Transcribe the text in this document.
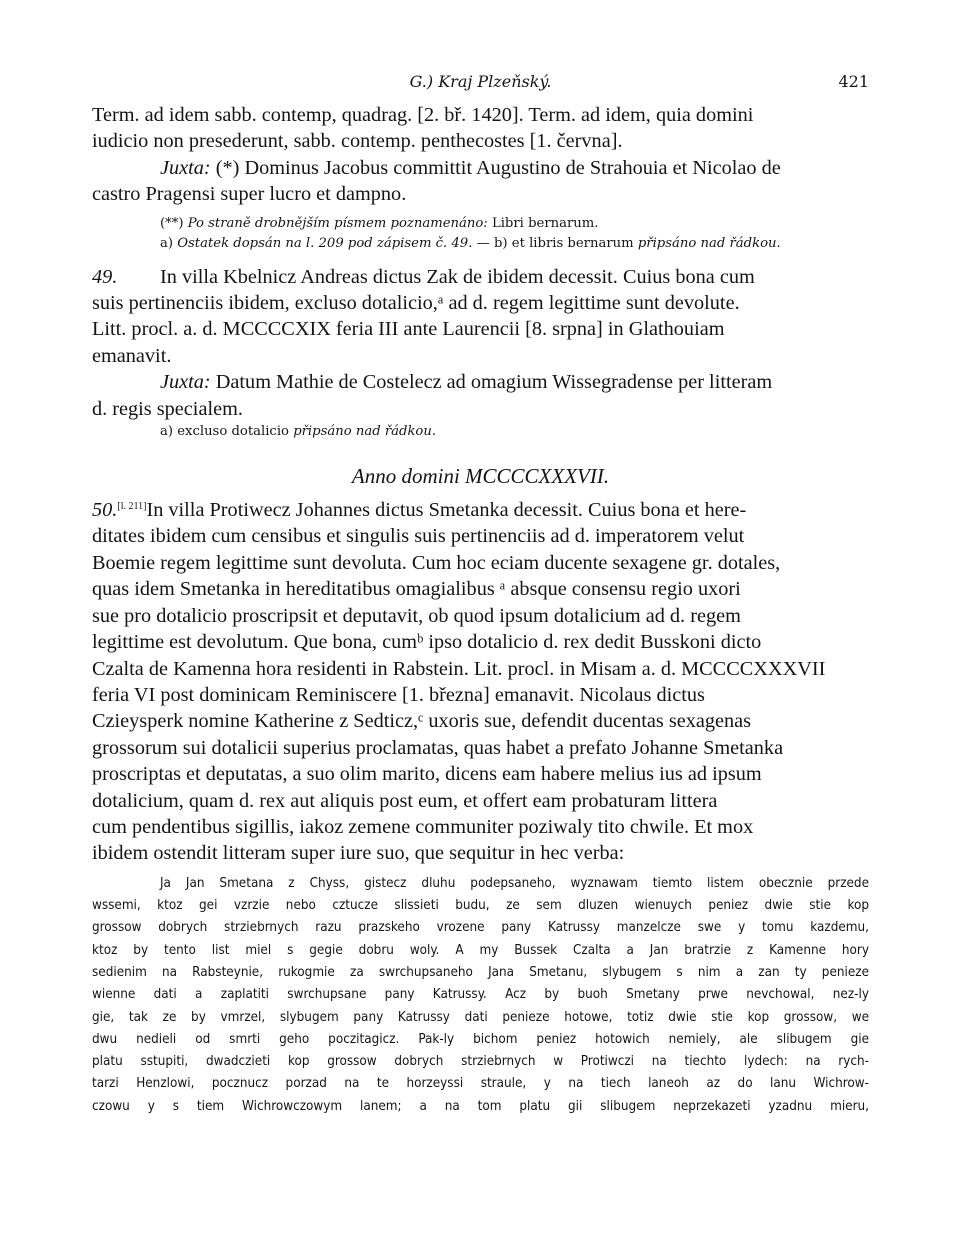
G.) Kraj Plzeňský.	421
Term. ad idem sabb. contemp, quadrag. [2. bř. 1420]. Term. ad idem, quia domini
iudicio non presederunt, sabb. contemp. penthecostes [1. června].
Juxta: (*) Dominus Jacobus committit Augustino de Strahouia et Nicolao de
castro Pragensi super lucro et dampno.
(**) Po straně drobnějším písmem poznamenáno: Libri bernarum.
a) Ostatek dopsán na l. 209 pod zápisem č. 49. — b) et libris bernarum připsáno nad řádkou.
49. In villa Kbelnicz Andreas dictus Zak de ibidem decessit. Cuius bona cum
suis pertinenciis ibidem, excluso dotalicio,ᵃ ad d. regem legittime sunt devolute.
Litt. procl. a. d. MCCCCXIX feria III ante Laurencii [8. srpna] in Glathouiam
emanavit.
Juxta: Datum Mathie de Costelecz ad omagium Wissegradense per litteram
d. regis specialem.
a) excluso dotalicio připsáno nad řádkou.
Anno domini MCCCCXXXVII.
50.[l. 211]In villa Protiwecz Johannes dictus Smetanka decessit. Cuius bona et here-
ditates ibidem cum censibus et singulis suis pertinenciis ad d. imperatorem velut
Boemie regem legittime sunt devoluta. Cum hoc eciam ducente sexagene gr. dotales,
quas idem Smetanka in hereditatibus omagialibus ᵃ absque consensu regio uxori
sue pro dotalicio proscripsit et deputavit, ob quod ipsum dotalicium ad d. regem
legittime est devolutum. Que bona, cumᵇ ipso dotalicio d. rex dedit Busskoni dicto
Czalta de Kamenna hora residenti in Rabstein. Lit. procl. in Misam a. d. MCCCCXXXVII
feria VI post dominicam Reminiscere [1. března] emanavit. Nicolaus dictus
Czieysperk nomine Katherine z Sedticz,ᶜ uxoris sue, defendit ducentas sexagenas
grossorum sui dotalicii superius proclamatas, quas habet a prefato Johanne Smetanka
proscriptas et deputatas, a suo olim marito, dicens eam habere melius ius ad ipsum
dotalicium, quam d. rex aut aliquis post eum, et offert eam probaturam littera
cum pendentibus sigillis, iakoz zemene communiter poziwaly tito chwile. Et mox
ibidem ostendit litteram super iure suo, que sequitur in hec verba:
Ja Jan Smetana z Chyss, gistecz dluhu podepsaneho, wyznawam tiemto listem obecznie przede
wssemi, ktoz gei vzrzie nebo cztucze slissieti budu, ze sem dluzen wienuych peniez dwie stie kop
grossow dobrych strziebrnych razu prazskeho vrozene pany Katrussy manzelcze swe y tomu kazdemu,
ktoz by tento list miel s gegie dobru woly. A my Bussek Czalta a Jan bratrzie z Kamenne hory
sedienim na Rabsteynie, rukogmie za swrchupsaneho Jana Smetanu, slybugem s nim a zan ty penieze
wienne dati a zaplatiti swrchupsane pany Katrussy. Acz by buoh Smetany prwe nevchowal, nez-ly
gie, tak ze by vmrzel, slybugem pany Katrussy dati penieze hotowe, totiz dwie stie kop grossow, we
dwu nedieli od smrti geho poczitagicz. Pak-ly bichom peniez hotowich nemiely, ale slibugem gie
platu sstupiti, dwadczieti kop grossow dobrych strziebrnych w Protiwczi na tiechto lydech: na rych-
tarzi Henzlowi, pocznucz porzad na te horzeyssi straule, y na tiech laneoh az do lanu Wichrow-
czowu y s tiem Wichrowczowym lanem; a na tom platu gii slibugem neprzekazeti yzadnu mieru,
